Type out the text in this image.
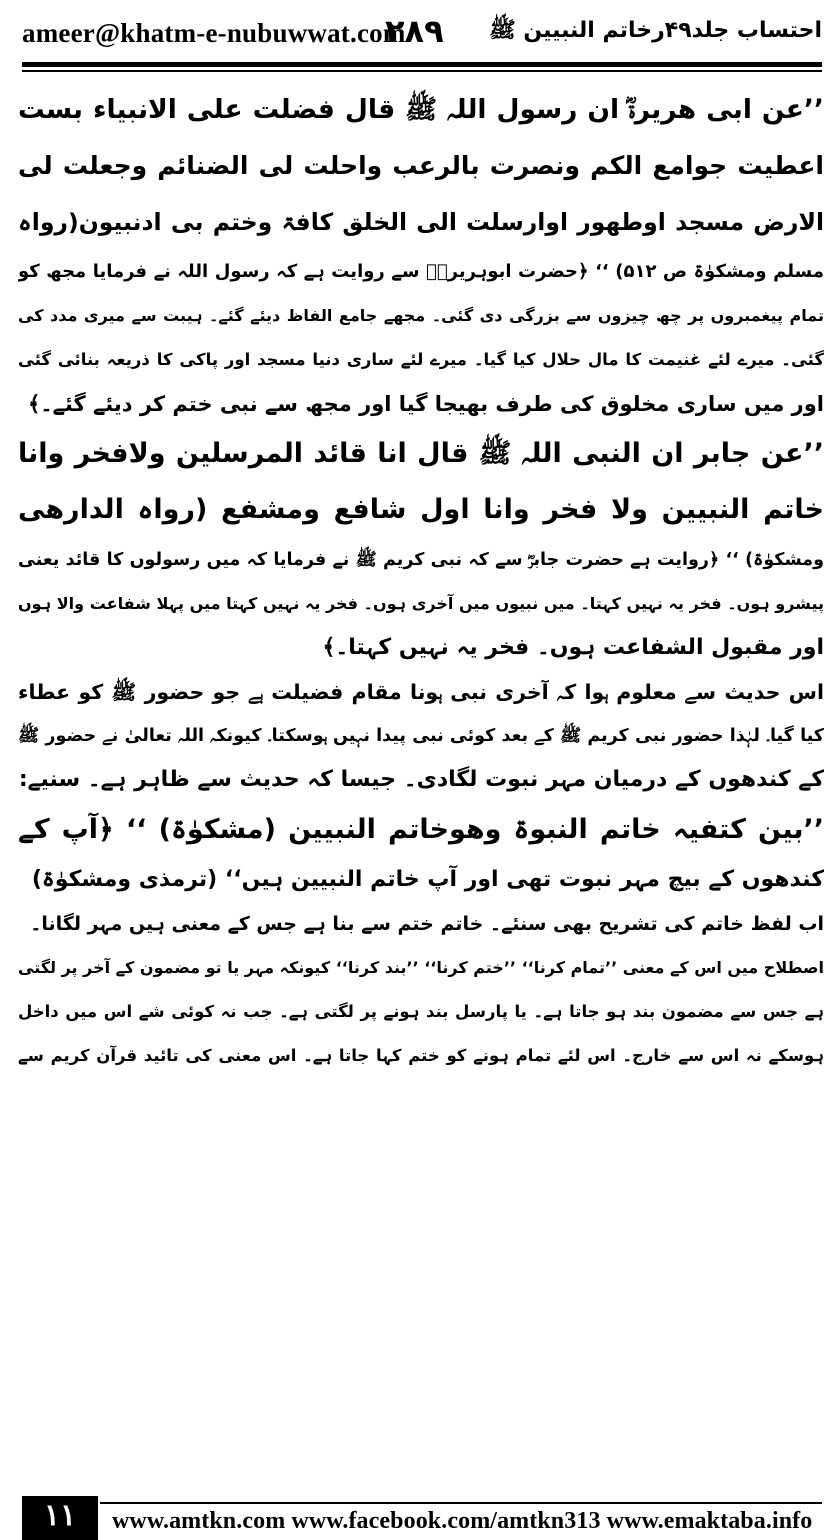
ameer@khatm-e-nubuwwat.com
۲۸۹ احتساب جلد۴۹رخاتم النبیین ﷺ
’’عن ابی ھریرۃؓ ان رسول اللہ ﷺ قال فضلت علی الانبیاء بست
اعطیت جوامع الکم ونصرت بالرعب واحلت لی الضنائم وجعلت لی
الارض مسجد اوطھور اوارسلت الی الخلق کافۃ وختم بی ادنبیون(رواہ
مسلم ومشکوٰۃ ص ۵۱۲) ‘‘ ﴿حضرت ابوہریرہؓ سے روایت ہے کہ رسول اللہ نے فرمایا مجھ کو
تمام پیغمبروں پر چھ چیزوں سے بزرگی دی گئی۔ مجھے جامع الفاظ دیئے گئے۔ ہیبت سے میری مدد کی
گئی۔ میرے لئے غنیمت کا مال حلال کیا گیا۔ میرے لئے ساری دنیا مسجد اور پاکی کا ذریعہ بنائی گئی
اور میں ساری مخلوق کی طرف بھیجا گیا اور مجھ سے نبی ختم کر دیئے گئے۔﴾
’’عن جابر ان النبی اللہ ﷺ قال انا قائد المرسلین ولافخر وانا
خاتم النبیین ولا فخر وانا اول شافع ومشفع (رواہ الدارھی
ومشکوٰۃ) ‘‘ ﴿روایت ہے حضرت جابرؓ سے کہ نبی کریم ﷺ نے فرمایا کہ میں رسولوں کا قائد یعنی
پیشرو ہوں۔ فخر یہ نہیں کہتا۔ میں نبیوں میں آخری ہوں۔ فخر یہ نہیں کہتا میں پہلا شفاعت والا ہوں
اور مقبول الشفاعت ہوں۔ فخر یہ نہیں کہتا۔﴾
اس حدیث سے معلوم ہوا کہ آخری نبی ہونا مقام فضیلت ہے جو حضور ﷺ کو عطاء
کیا گیا۔ لہٰذا حضور نبی کریم ﷺ کے بعد کوئی نبی پیدا نہیں ہوسکتا۔ کیونکہ اللہ تعالیٰ نے حضور ﷺ
کے کندھوں کے درمیان مہر نبوت لگادی۔ جیسا کہ حدیث سے ظاہر ہے۔ سنیے:
’’بین کتفیہ خاتم النبوۃ وھوخاتم النبیین (مشکوٰۃ) ‘‘ ﴿آپ کے
کندھوں کے بیچ مہر نبوت تھی اور آپ خاتم النبیین ہیں‘‘ (ترمذی ومشکوٰۃ)
اب لفظ خاتم کی تشریح بھی سنئے۔ خاتم ختم سے بنا ہے جس کے معنی ہیں مہر لگانا۔
اصطلاح میں اس کے معنی ’’تمام کرنا‘‘ ’’ختم کرنا‘‘ ’’بند کرنا‘‘ کیونکہ مہر یا تو مضمون کے آخر پر لگتی
ہے جس سے مضمون بند ہو جاتا ہے۔ یا پارسل بند ہونے پر لگتی ہے۔ جب نہ کوئی شے اس میں داخل
ہوسکے نہ اس سے خارج۔ اس لئے تمام ہونے کو ختم کہا جاتا ہے۔ اس معنی کی تائید قرآن کریم سے
۱۱	www.amtkn.com www.facebook.com/amtkn313 www.emaktaba.info
